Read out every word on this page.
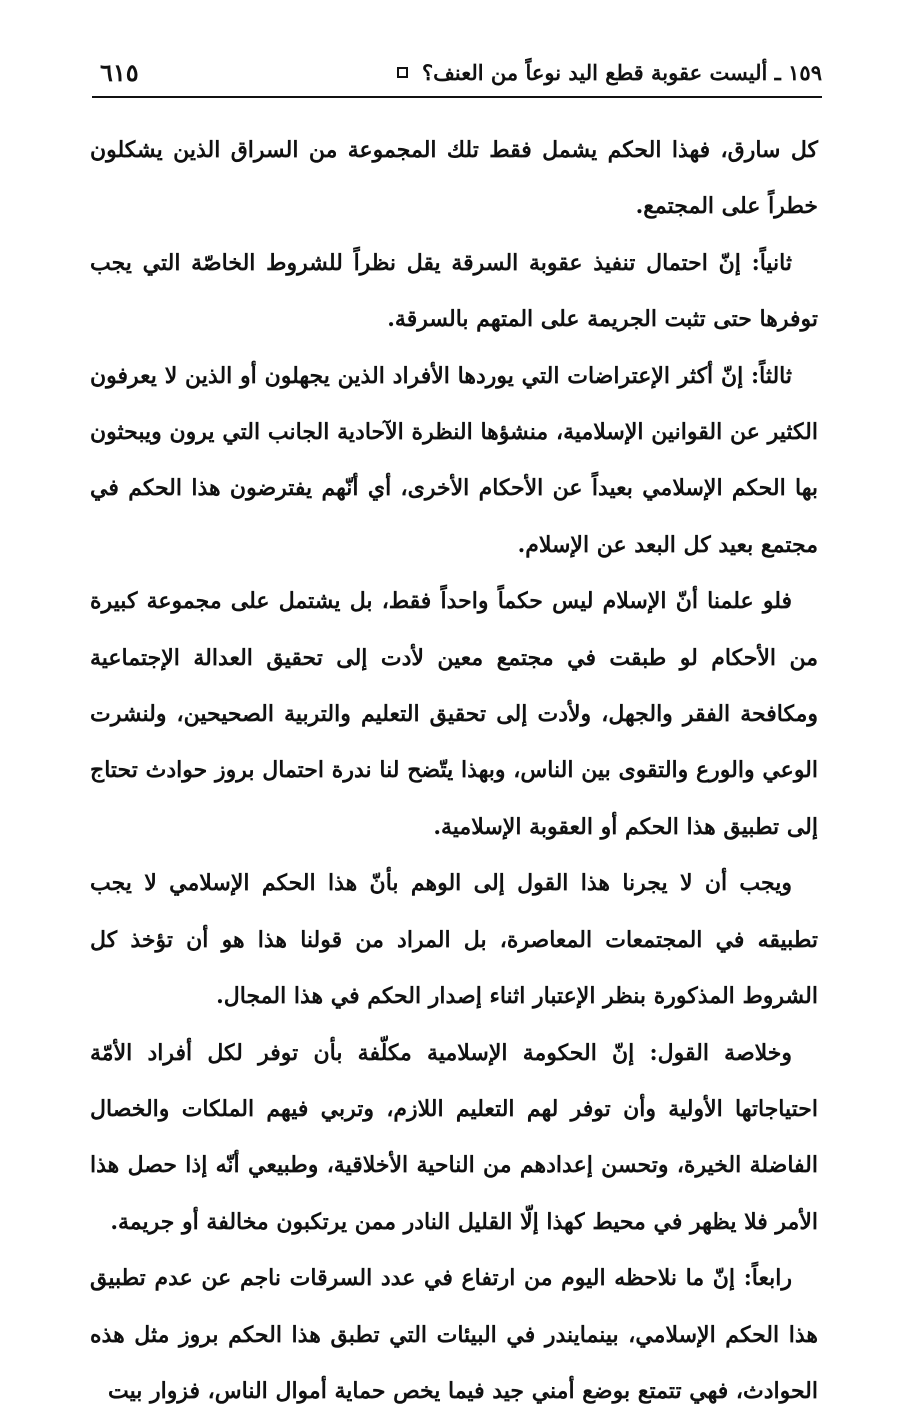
١٥٩ ـ أليست عقوبة قطع اليد نوعاً من العنف؟
٦١٥

كل سارق، فهذا الحكم يشمل فقط تلك المجموعة من السراق الذين يشكلون خطراً على المجتمع.

ثانياً: إنّ احتمال تنفيذ عقوبة السرقة يقل نظراً للشروط الخاصّة التي يجب توفرها حتى تثبت الجريمة على المتهم بالسرقة.

ثالثاً: إنّ أكثر الإعتراضات التي يوردها الأفراد الذين يجهلون أو الذين لا يعرفون الكثير عن القوانين الإسلامية، منشؤها النظرة الآحادية الجانب التي يرون ويبحثون بها الحكم الإسلامي بعيداً عن الأحكام الأخرى، أي أنّهم يفترضون هذا الحكم في مجتمع بعيد كل البعد عن الإسلام.

فلو علمنا أنّ الإسلام ليس حكماً واحداً فقط، بل يشتمل على مجموعة كبيرة من الأحكام لو طبقت في مجتمع معين لأدت إلى تحقيق العدالة الإجتماعية ومكافحة الفقر والجهل، ولأدت إلى تحقيق التعليم والتربية الصحيحين، ولنشرت الوعي والورع والتقوى بين الناس، وبهذا يتّضح لنا ندرة احتمال بروز حوادث تحتاج إلى تطبيق هذا الحكم أو العقوبة الإسلامية.

ويجب أن لا يجرنا هذا القول إلى الوهم بأنّ هذا الحكم الإسلامي لا يجب تطبيقه في المجتمعات المعاصرة، بل المراد من قولنا هذا هو أن تؤخذ كل الشروط المذكورة بنظر الإعتبار اثناء إصدار الحكم في هذا المجال.

وخلاصة القول: إنّ الحكومة الإسلامية مكلّفة بأن توفر لكل أفراد الأمّة احتياجاتها الأولية وأن توفر لهم التعليم اللازم، وتربي فيهم الملكات والخصال الفاضلة الخيرة، وتحسن إعدادهم من الناحية الأخلاقية، وطبيعي أنّه إذا حصل هذا الأمر فلا يظهر في محيط كهذا إلّا القليل النادر ممن يرتكبون مخالفة أو جريمة.

رابعاً: إنّ ما نلاحظه اليوم من ارتفاع في عدد السرقات ناجم عن عدم تطبيق هذا الحكم الإسلامي، بينمايندر في البيئات التي تطبق هذا الحكم بروز مثل هذه الحوادث، فهي تتمتع بوضع أمني جيد فيما يخص حماية أموال الناس، فزوار بيت
